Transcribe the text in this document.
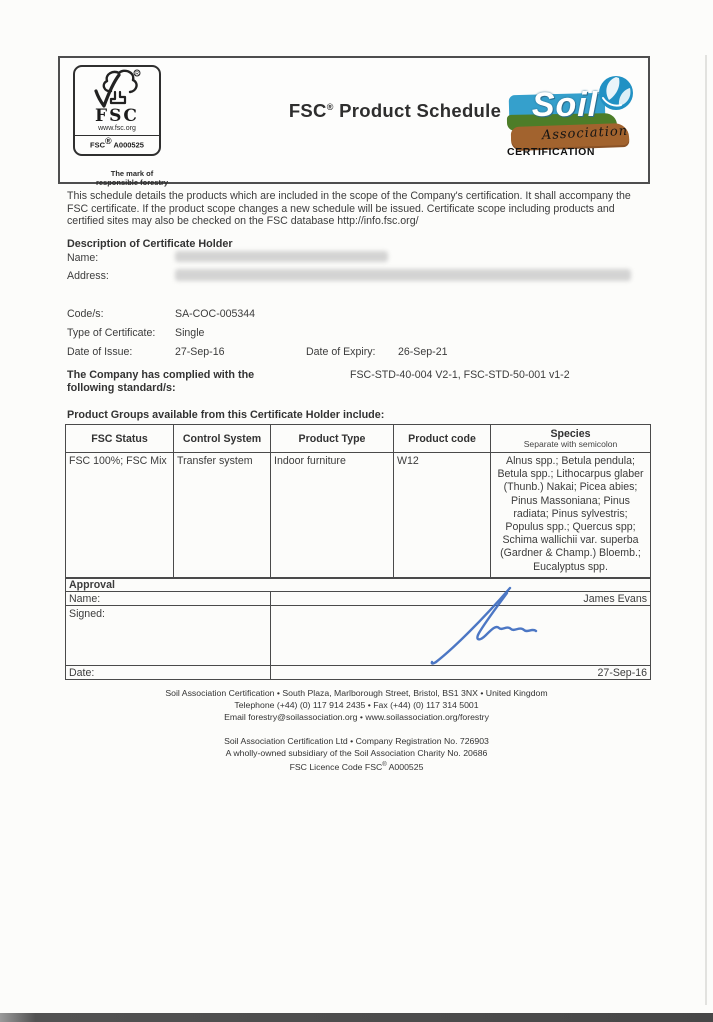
R
FSC
www.fsc.org
FSC® A000525
The mark of
responsible forestry
FSC® Product Schedule Soil
Association
CERTIFICATION

This schedule details the products which are included in the scope of the Company's certification. It shall accompany the FSC certificate. If the product scope changes a new schedule will be issued. Certificate scope including products and certified sites may also be checked on the FSC database http://info.fsc.org/

Description of Certificate Holder
Name:
Address:
Code/s:	SA-COC-005344
Type of Certificate: Single
Date of Issue:	27-Sep-16	Date of Expiry: 26-Sep-21
The Company has complied with the following standard/s:
FSC-STD-40-004 V2-1, FSC-STD-50-001 v1-2
Product Groups available from this Certificate Holder include:
FSC Status	Control System	Product Type	Product code	Species
Separate with semicolon

FSC 100%; FSC Mix	Transfer system	Indoor furniture	W12	Alnus spp.; Betula pendula; Betula spp.; Lithocarpus glaber (Thunb.) Nakai; Picea abies; Pinus Massoniana; Pinus radiata; Pinus sylvestris; Populus spp.; Quercus spp; Schima wallichii var. superba (Gardner & Champ.) Bloemb.; Eucalyptus spp.
Approval	
Name:	James Evans
Signed:	
Date:	27-Sep-16
Soil Association Certification • South Plaza, Marlborough Street, Bristol, BS1 3NX • United Kingdom
Telephone (+44) (0) 117 914 2435 • Fax (+44) (0) 117 314 5001
Email forestry@soilassociation.org • www.soilassociation.org/forestry
Soil Association Certification Ltd • Company Registration No. 726903
A wholly-owned subsidiary of the Soil Association Charity No. 20686
FSC Licence Code FSC® A000525
